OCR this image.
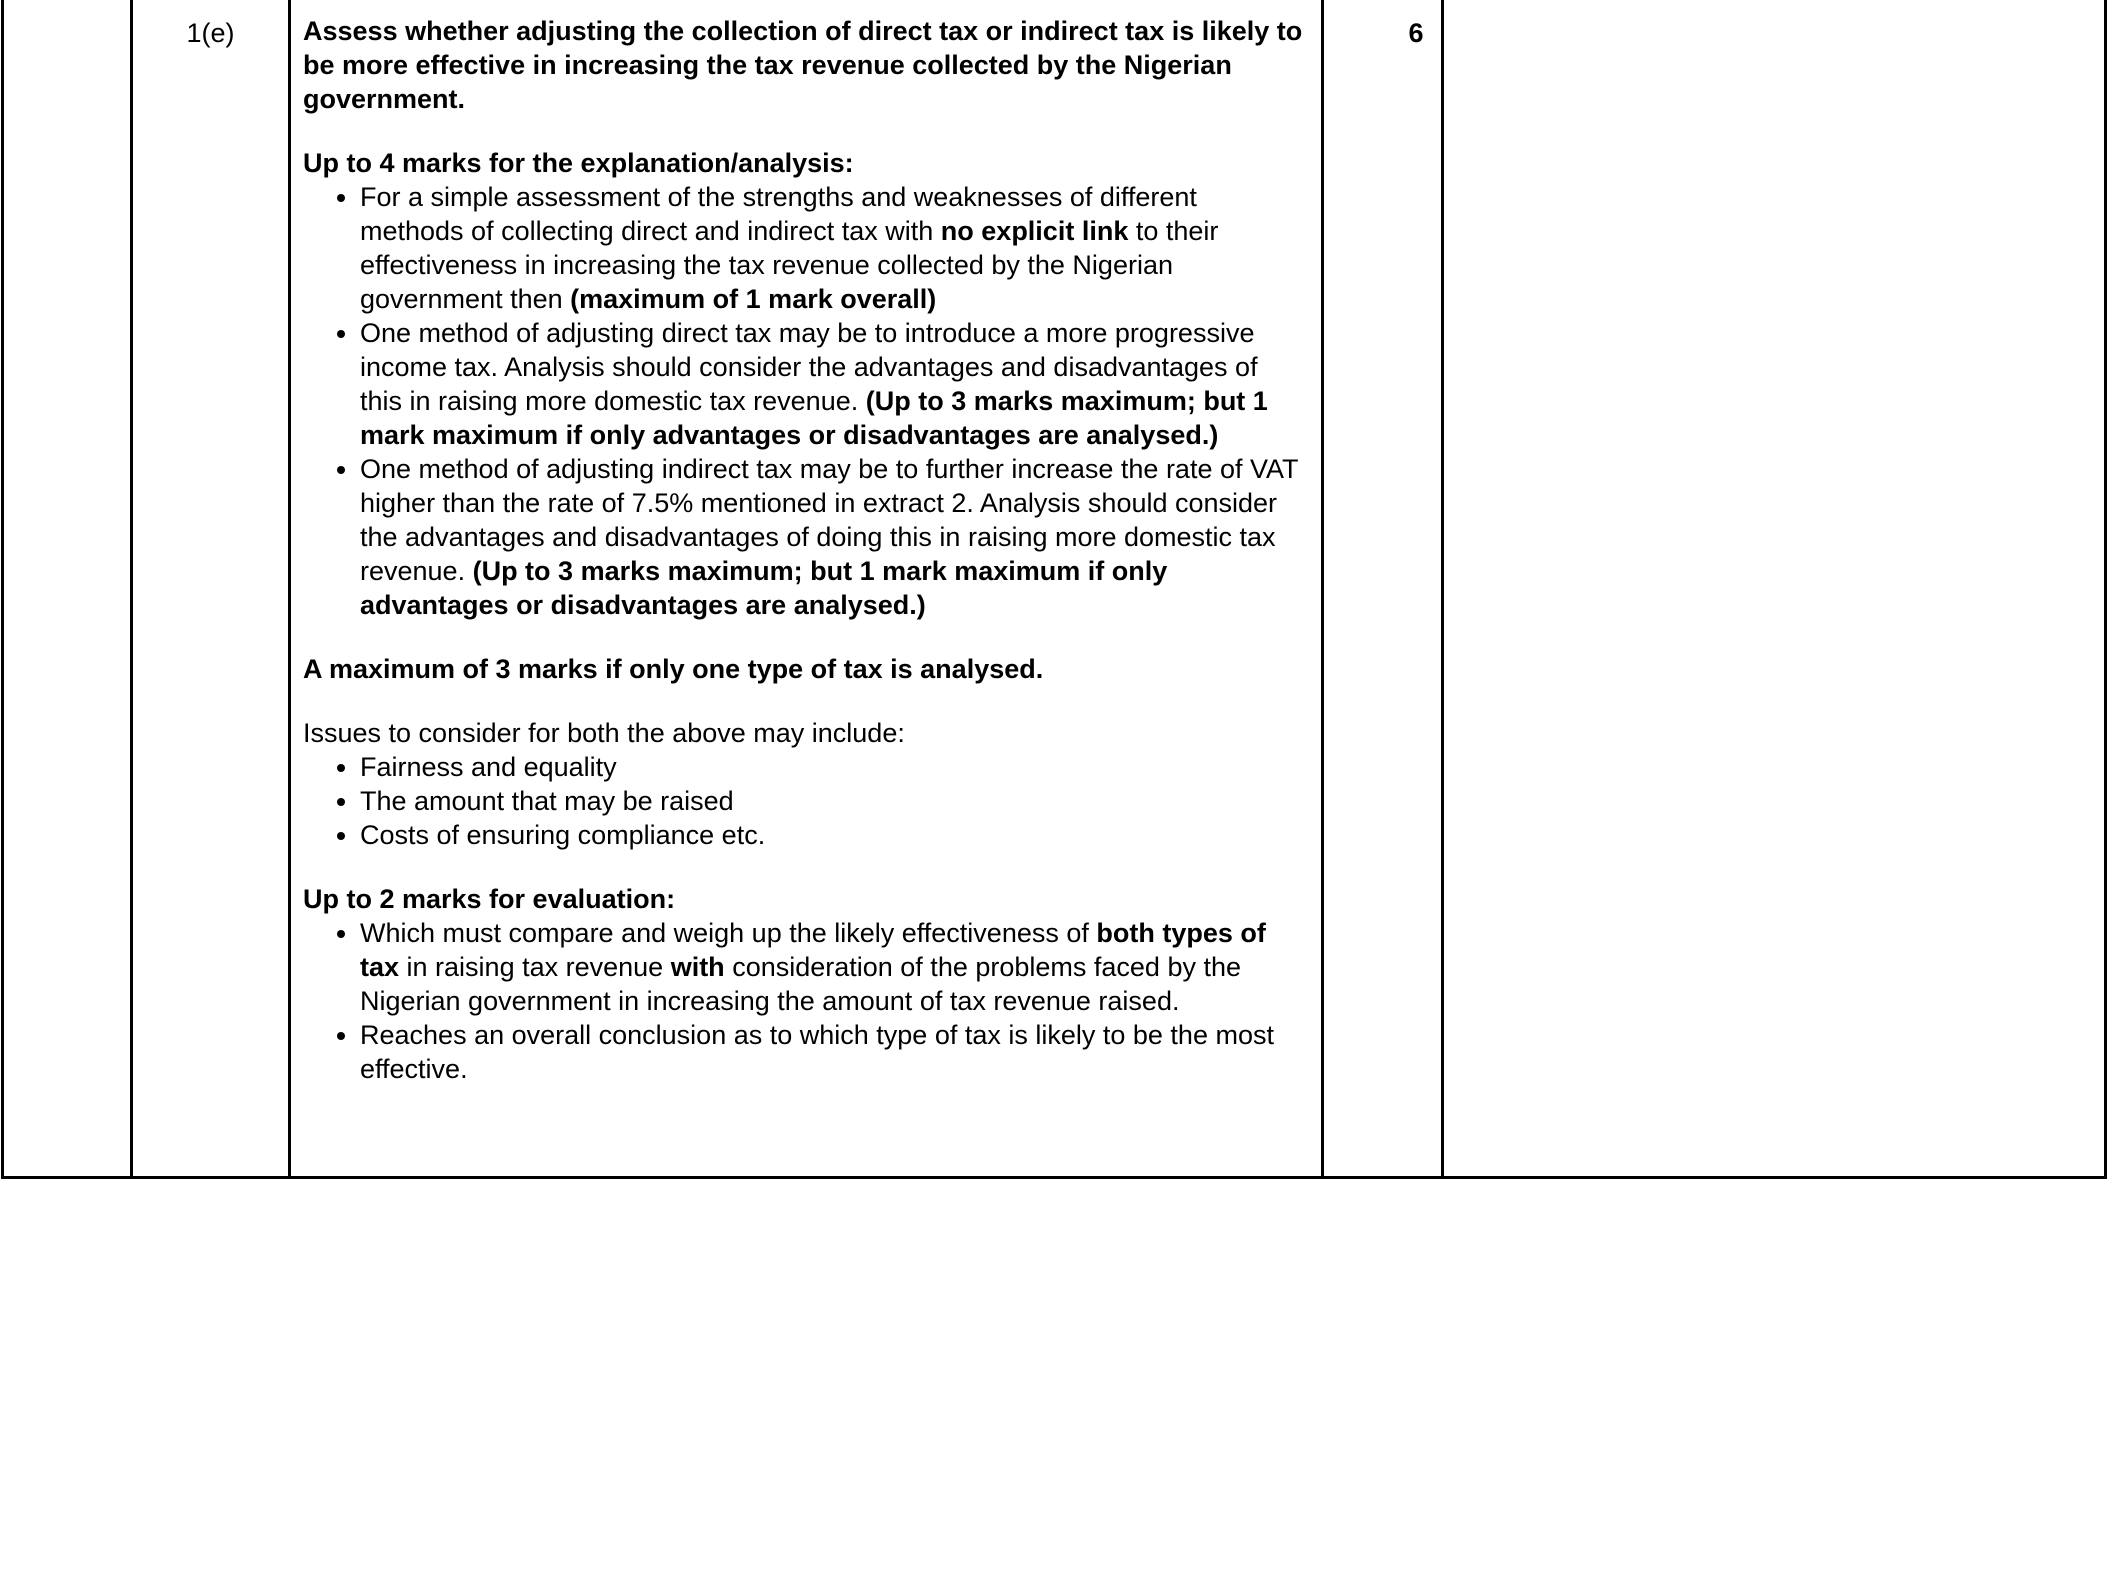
1(e)	Assess whether adjusting the collection of direct tax or indirect tax is likely to be more effective in increasing the tax revenue collected by the Nigerian government.

Up to 4 marks for the explanation/analysis:

• For a simple assessment of the strengths and weaknesses of different methods of collecting direct and indirect tax with no explicit link to their effectiveness in increasing the tax revenue collected by the Nigerian government then (maximum of 1 mark overall)
• One method of adjusting direct tax may be to introduce a more progressive income tax. Analysis should consider the advantages and disadvantages of this in raising more domestic tax revenue. (Up to 3 marks maximum; but 1 mark maximum if only advantages or disadvantages are analysed.)
• One method of adjusting indirect tax may be to further increase the rate of VAT higher than the rate of 7.5% mentioned in extract 2. Analysis should consider the advantages and disadvantages of doing this in raising more domestic tax revenue. (Up to 3 marks maximum; but 1 mark maximum if only advantages or disadvantages are analysed.)

A maximum of 3 marks if only one type of tax is analysed.

Issues to consider for both the above may include:

• Fairness and equality
• The amount that may be raised
• Costs of ensuring compliance etc.

Up to 2 marks for evaluation:

• Which must compare and weigh up the likely effectiveness of both types of tax in raising tax revenue with consideration of the problems faced by the Nigerian government in increasing the amount of tax revenue raised.
• Reaches an overall conclusion as to which type of tax is likely to be the most effective.
6
